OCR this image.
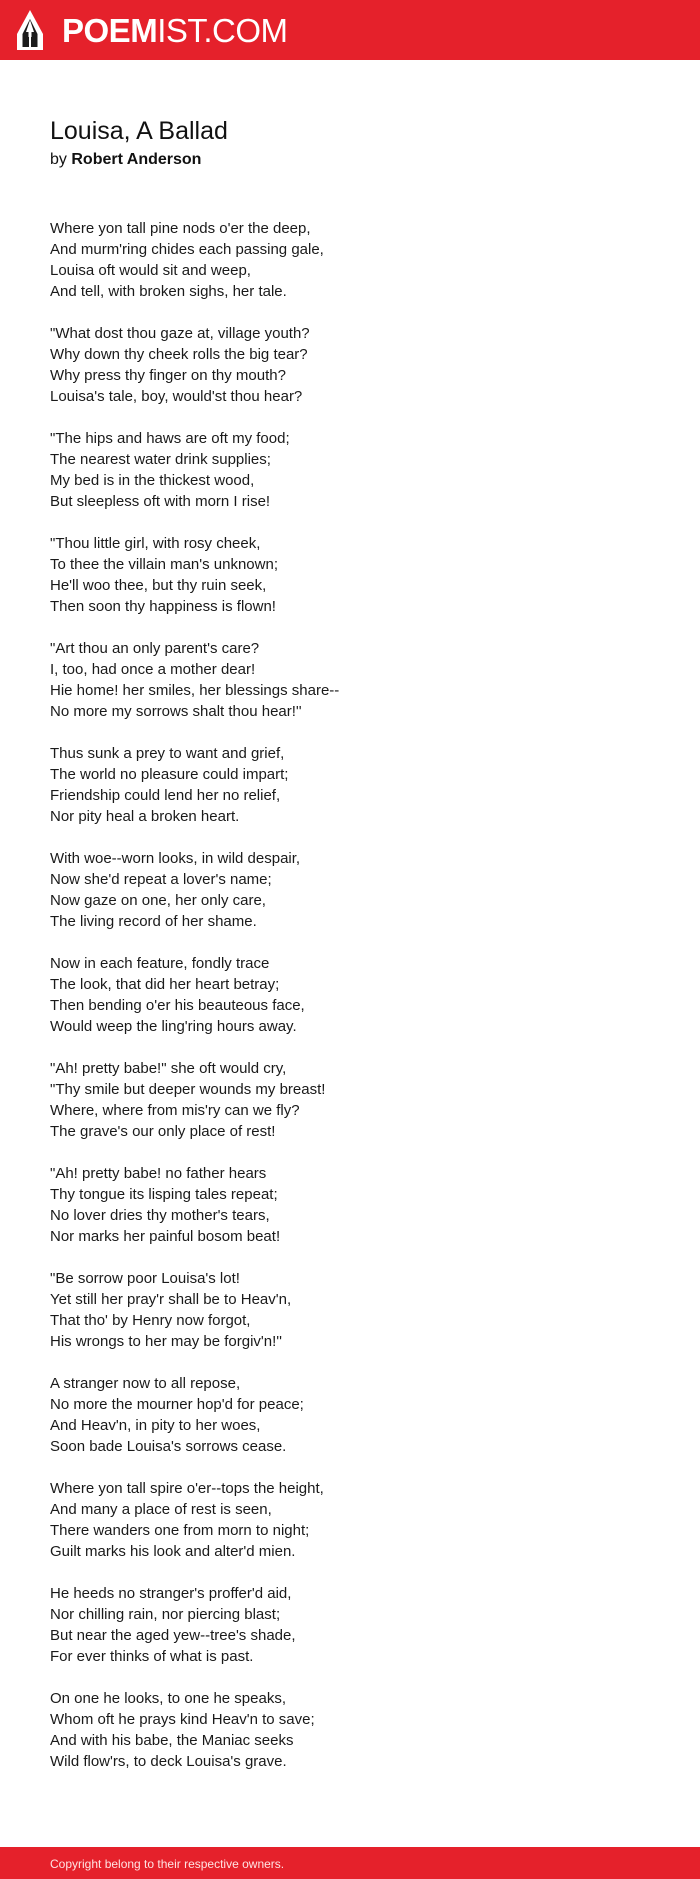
POEMIST.COM
Louisa, A Ballad
by Robert Anderson
Where yon tall pine nods o'er the deep,
And murm'ring chides each passing gale,
Louisa oft would sit and weep,
And tell, with broken sighs, her tale.
"What dost thou gaze at, village youth?
Why down thy cheek rolls the big tear?
Why press thy finger on thy mouth?
Louisa's tale, boy, would'st thou hear?
"The hips and haws are oft my food;
The nearest water drink supplies;
My bed is in the thickest wood,
But sleepless oft with morn I rise!
"Thou little girl, with rosy cheek,
To thee the villain man's unknown;
He'll woo thee, but thy ruin seek,
Then soon thy happiness is flown!
"Art thou an only parent's care?
I, too, had once a mother dear!
Hie home! her smiles, her blessings share--
No more my sorrows shalt thou hear!''
Thus sunk a prey to want and grief,
The world no pleasure could impart;
Friendship could lend her no relief,
Nor pity heal a broken heart.
With woe--worn looks, in wild despair,
Now she'd repeat a lover's name;
Now gaze on one, her only care,
The living record of her shame.
Now in each feature, fondly trace
The look, that did her heart betray;
Then bending o'er his beauteous face,
Would weep the ling'ring hours away.
"Ah! pretty babe!" she oft would cry,
"Thy smile but deeper wounds my breast!
Where, where from mis'ry can we fly?
The grave's our only place of rest!
"Ah! pretty babe! no father hears
Thy tongue its lisping tales repeat;
No lover dries thy mother's tears,
Nor marks her painful bosom beat!
"Be sorrow poor Louisa's lot!
Yet still her pray'r shall be to Heav'n,
That tho' by Henry now forgot,
His wrongs to her may be forgiv'n!''
A stranger now to all repose,
No more the mourner hop'd for peace;
And Heav'n, in pity to her woes,
Soon bade Louisa's sorrows cease.
Where yon tall spire o'er--tops the height,
And many a place of rest is seen,
There wanders one from morn to night;
Guilt marks his look and alter'd mien.
He heeds no stranger's proffer'd aid,
Nor chilling rain, nor piercing blast;
But near the aged yew--tree's shade,
For ever thinks of what is past.
On one he looks, to one he speaks,
Whom oft he prays kind Heav'n to save;
And with his babe, the Maniac seeks
Wild flow'rs, to deck Louisa's grave.
Copyright belong to their respective owners.
